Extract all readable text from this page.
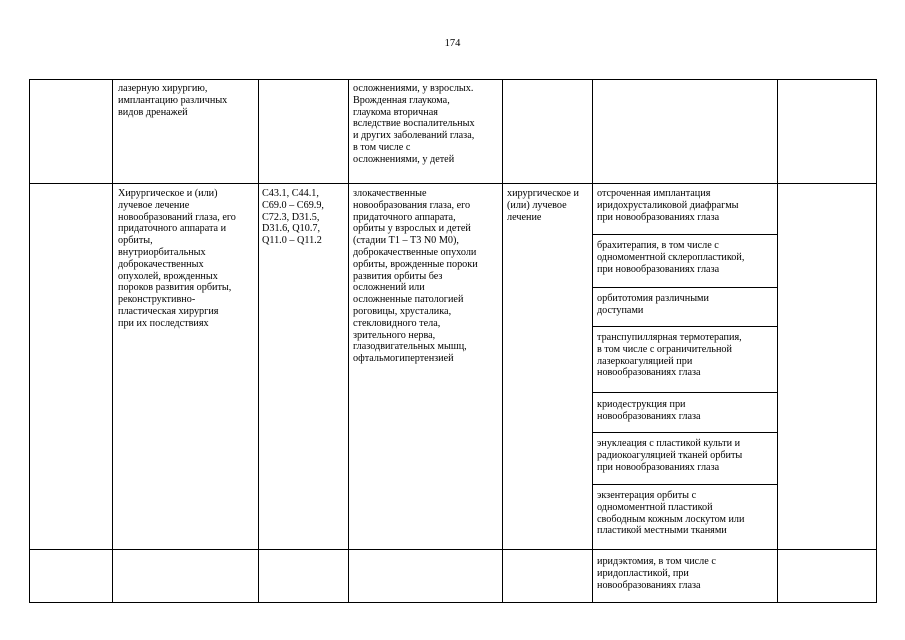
174
лазерную хирургию,
имплантацию различных
видов дренажей
осложнениями, у взрослых.
Врожденная глаукома,
глаукома вторичная
вследствие воспалительных
и других заболеваний глаза,
в том числе с
осложнениями, у детей
Хирургическое и (или)
лучевое лечение
новообразований глаза, его
придаточного аппарата и
орбиты,
внутриорбитальных
доброкачественных
опухолей, врожденных
пороков развития орбиты,
реконструктивно-
пластическая хирургия
при их последствиях
C43.1, C44.1,
C69.0 – C69.9,
C72.3, D31.5,
D31.6, Q10.7,
Q11.0 – Q11.2
злокачественные
новообразования глаза, его
придаточного аппарата,
орбиты у взрослых и детей
(стадии T1 – T3 N0 M0),
доброкачественные опухоли
орбиты, врожденные пороки
развития орбиты без
осложнений или
осложненные патологией
роговицы, хрусталика,
стекловидного тела,
зрительного нерва,
глазодвигательных мышц,
офтальмогипертензией
хирургическое и
(или) лучевое
лечение
отсроченная имплантация
иридохрусталиковой диафрагмы
при новообразованиях глаза
брахитерапия, в том числе с
одномоментной склеропластикой,
при новообразованиях глаза
орбитотомия различными
доступами
транспупиллярная термотерапия,
в том числе с ограничительной
лазеркоагуляцией при
новообразованиях глаза
криодеструкция при
новообразованиях глаза
энуклеация с пластикой культи и
радиокоагуляцией тканей орбиты
при новообразованиях глаза
экзентерация орбиты с
одномоментной пластикой
свободным кожным лоскутом или
пластикой местными тканями
иридэктомия, в том числе с
иридопластикой, при
новообразованиях глаза
